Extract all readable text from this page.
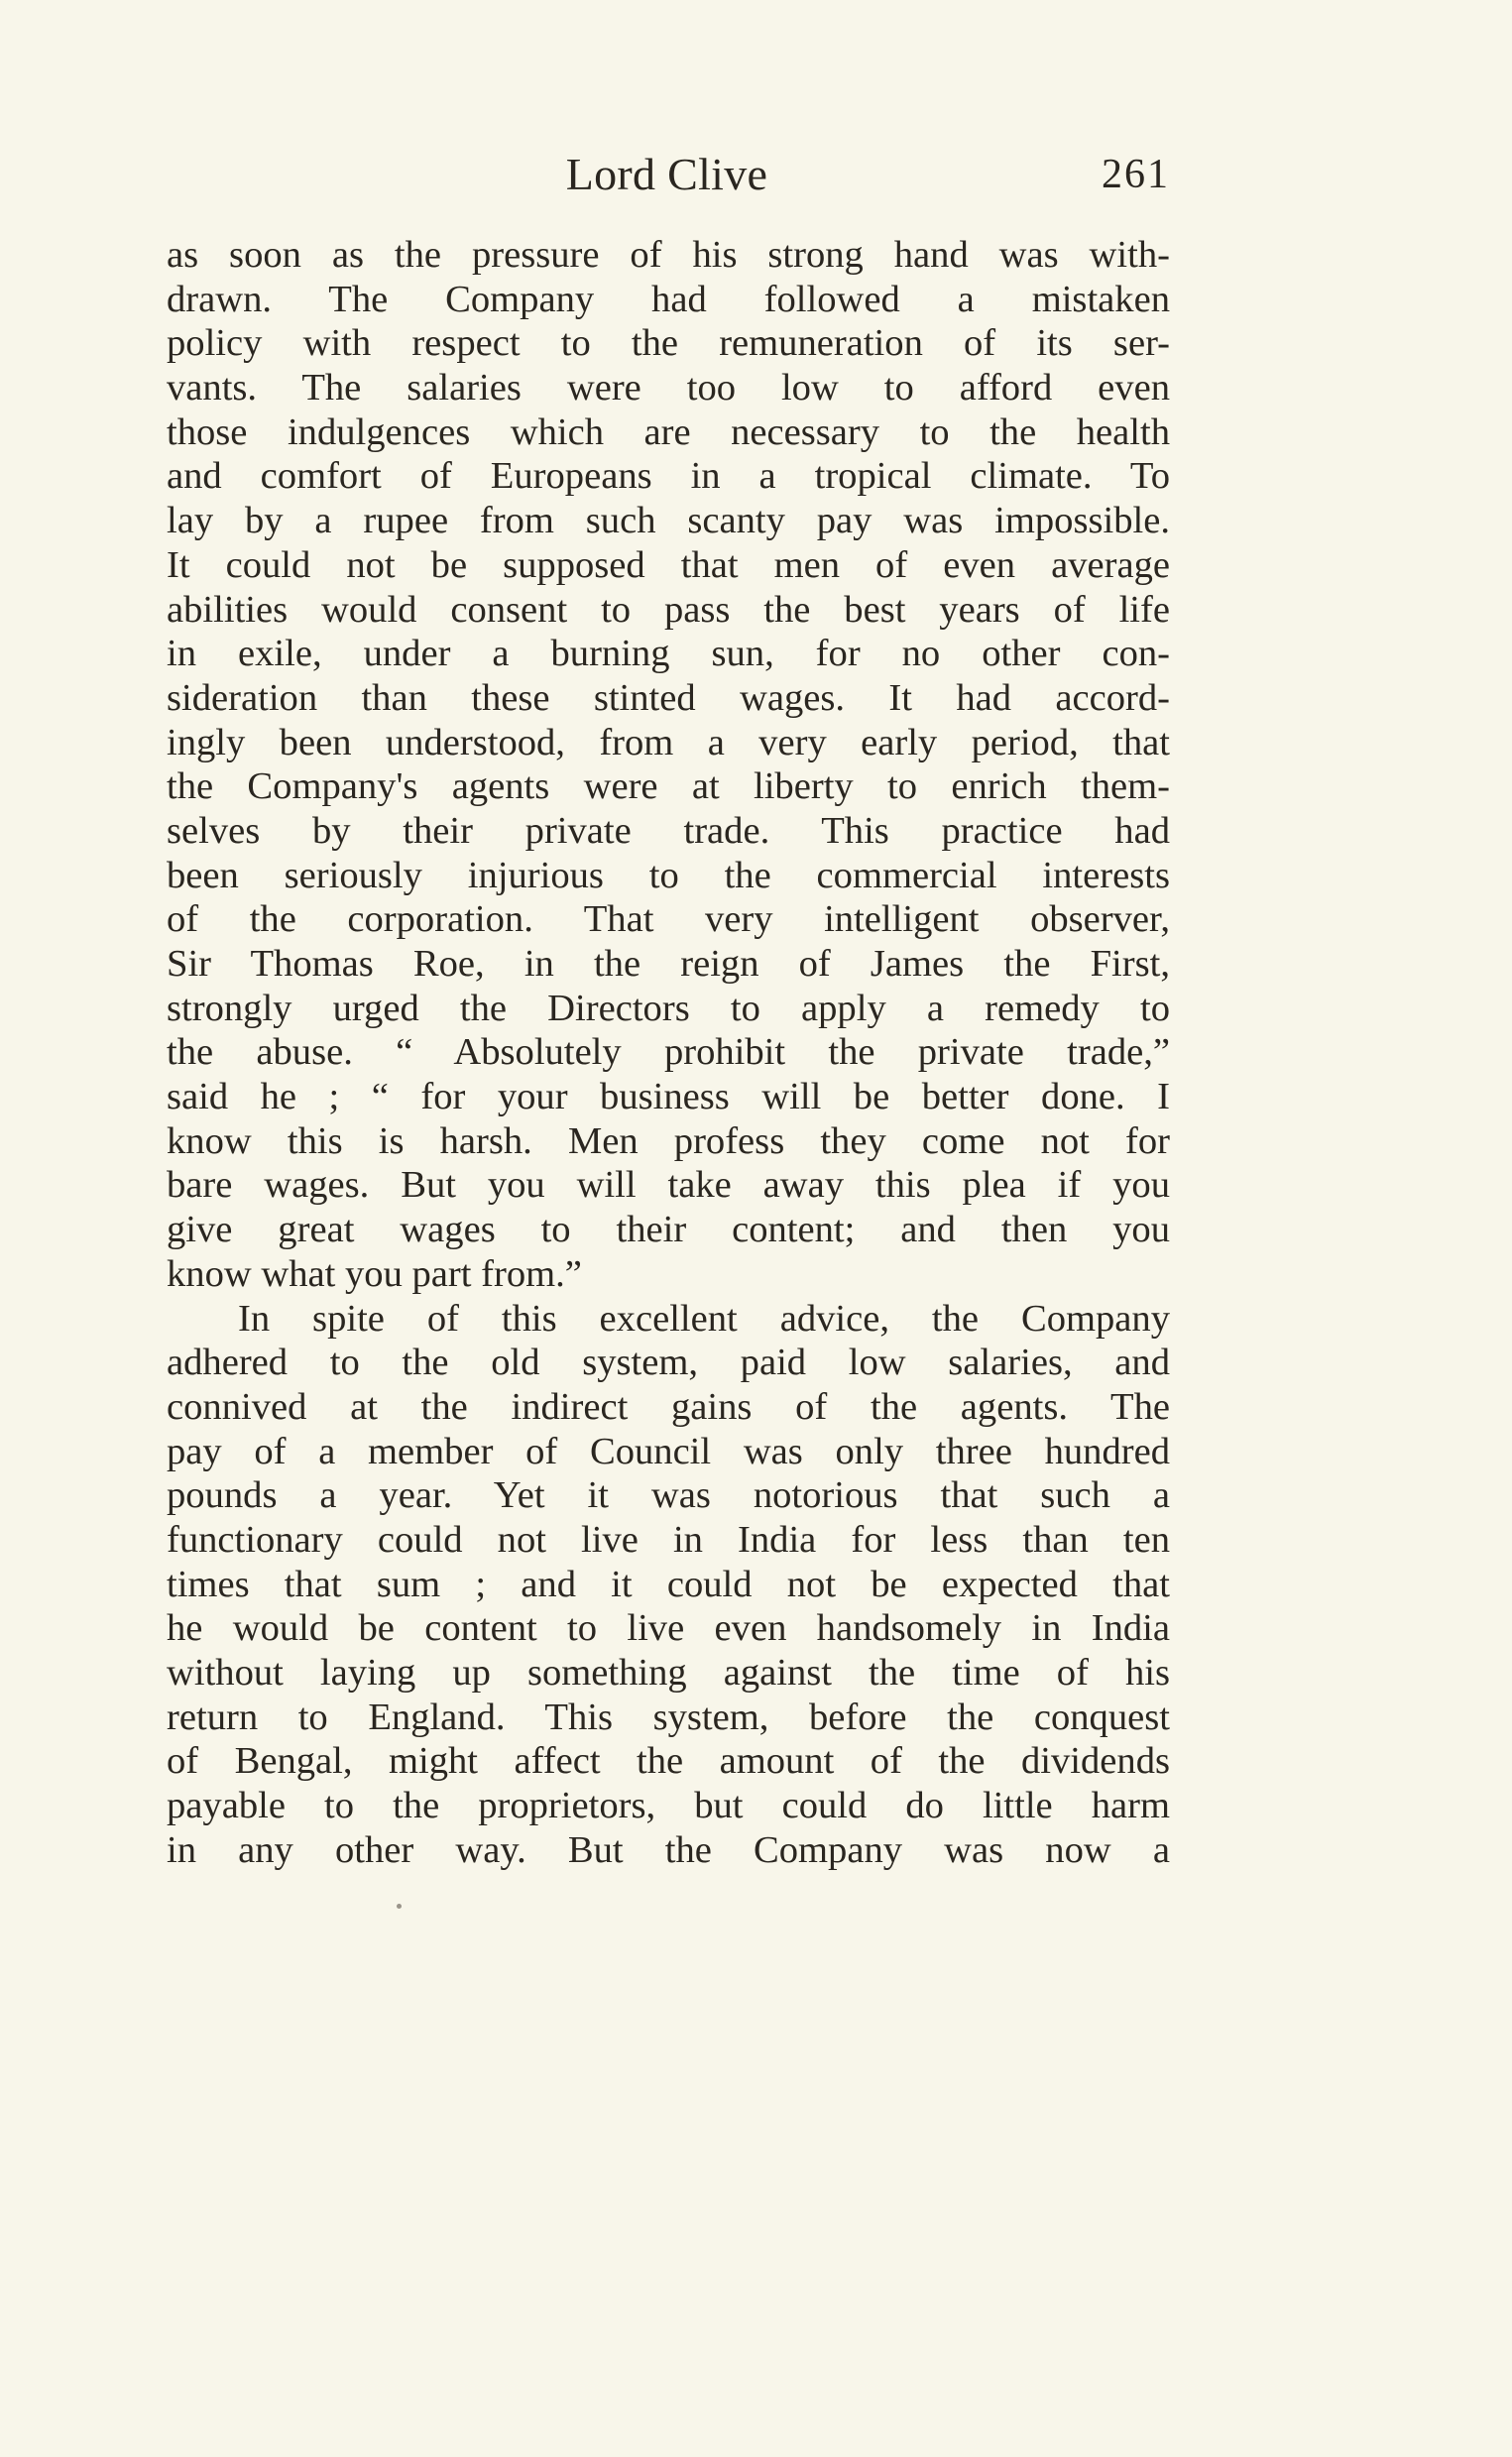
Lord Clive	261
as soon as the pressure of his strong hand was with-
drawn. The Company had followed a mistaken
policy with respect to the remuneration of its ser-
vants. The salaries were too low to afford even
those indulgences which are necessary to the health
and comfort of Europeans in a tropical climate. To
lay by a rupee from such scanty pay was impossible.
It could not be supposed that men of even average
abilities would consent to pass the best years of life
in exile, under a burning sun, for no other con-
sideration than these stinted wages. It had accord-
ingly been understood, from a very early period, that
the Company's agents were at liberty to enrich them-
selves by their private trade. This practice had
been seriously injurious to the commercial interests
of the corporation. That very intelligent observer,
Sir Thomas Roe, in the reign of James the First,
strongly urged the Directors to apply a remedy to
the abuse. “ Absolutely prohibit the private trade,”
said he ; “ for your business will be better done. I
know this is harsh. Men profess they come not for
bare wages. But you will take away this plea if you
give great wages to their content; and then you
know what you part from.”
In spite of this excellent advice, the Company
adhered to the old system, paid low salaries, and
connived at the indirect gains of the agents. The
pay of a member of Council was only three hundred
pounds a year. Yet it was notorious that such a
functionary could not live in India for less than ten
times that sum ; and it could not be expected that
he would be content to live even handsomely in India
without laying up something against the time of his
return to England. This system, before the conquest
of Bengal, might affect the amount of the dividends
payable to the proprietors, but could do little harm
in any other way. But the Company was now a
